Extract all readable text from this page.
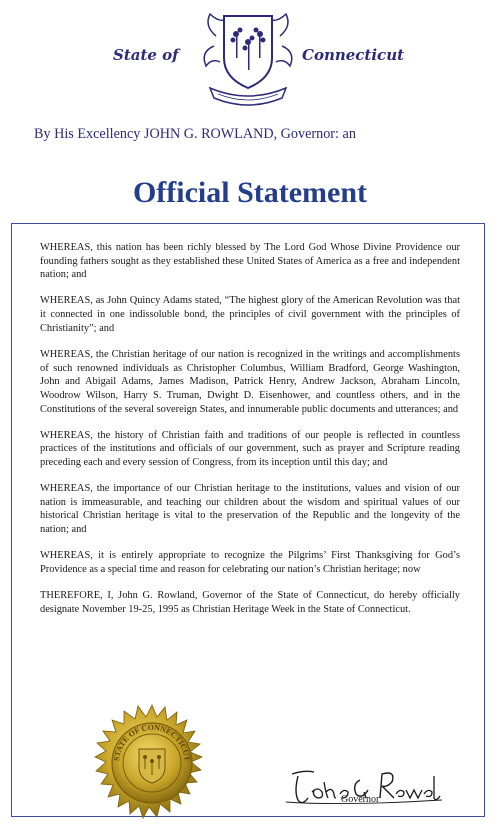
State of	Connecticut
By His Excellency JOHN G. ROWLAND, Governor: an
Official Statement

WHEREAS, this nation has been richly blessed by The Lord God Whose Divine Providence our founding fathers sought as they established these United States of America as a free and independent nation; and

WHEREAS, as John Quincy Adams stated, “The highest glory of the American Revolution was that it connected in one indissoluble bond, the principles of civil government with the principles of Christianity”; and

WHEREAS, the Christian heritage of our nation is recognized in the writings and accomplishments of such renowned individuals as Christopher Columbus, William Bradford, George Washington, John and Abigail Adams, James Madison, Patrick Henry, Andrew Jackson, Abraham Lincoln, Woodrow Wilson, Harry S. Truman, Dwight D. Eisenhower, and countless others, and in the Constitutions of the several sovereign States, and innumerable public documents and utterances; and

WHEREAS, the history of Christian faith and traditions of our people is reflected in countless practices of the institutions and officials of our government, such as prayer and Scripture reading preceding each and every session of Congress, from its inception until this day; and

WHEREAS, the importance of our Christian heritage to the institutions, values and vision of our nation is immeasurable, and teaching our children about the wisdom and spiritual values of our historical Christian heritage is vital to the preservation of the Republic and the longevity of the nation; and

WHEREAS, it is entirely appropriate to recognize the Pilgrims’ First Thanksgiving for God’s Providence as a special time and reason for celebrating our nation’s Christian heritage; now

THEREFORE, I, John G. Rowland, Governor of the State of Connecticut, do hereby officially designate November 19-25, 1995 as Christian Heritage Week in the State of Connecticut.

STATE OF CONNECTICUT
Governor
